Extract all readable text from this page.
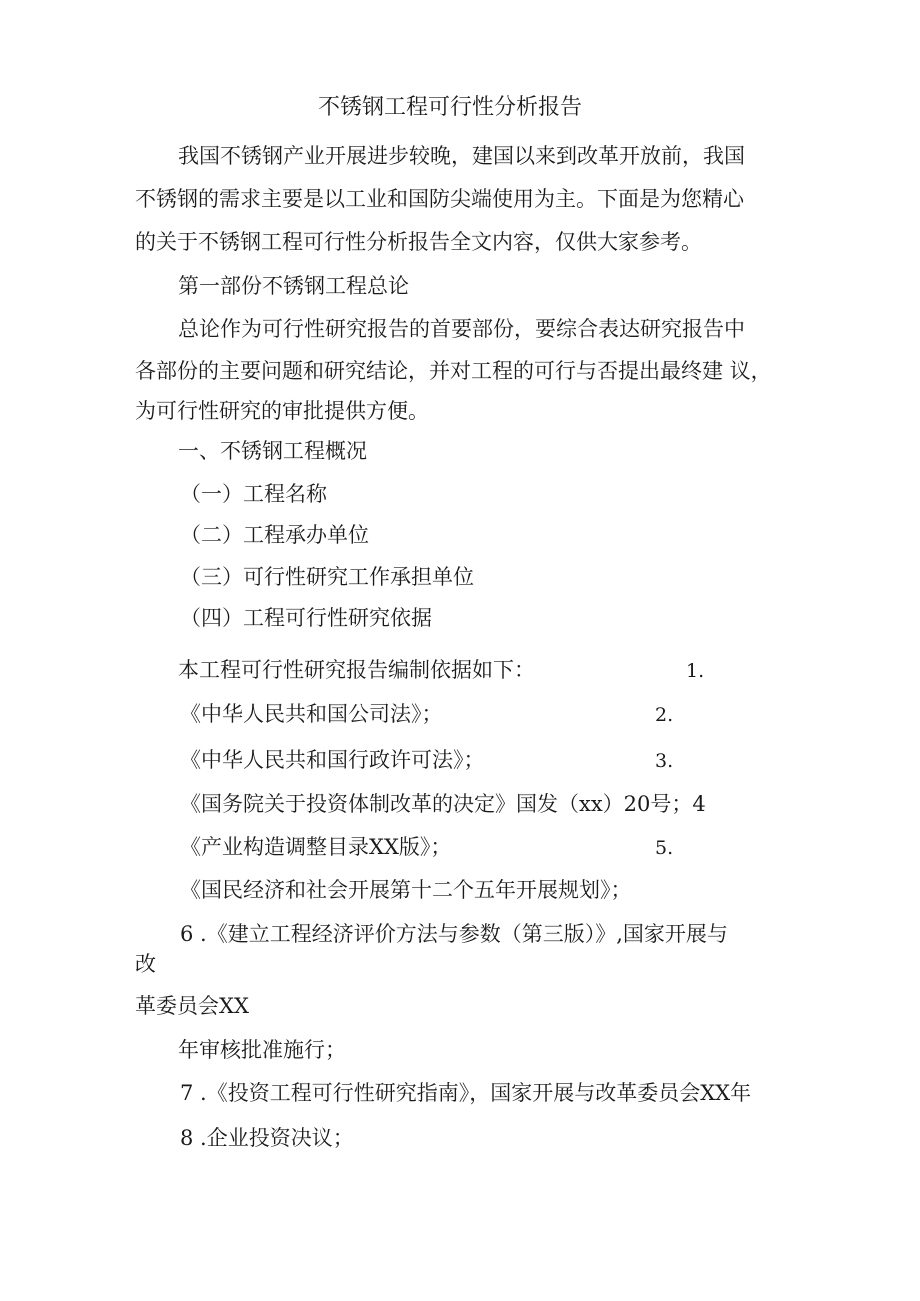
不锈钢工程可行性分析报告
我国不锈钢产业开展进步较晚，建国以来到改革开放前，我国
不锈钢的需求主要是以工业和国防尖端使用为主。下面是为您精心
的关于不锈钢工程可行性分析报告全文内容，仅供大家参考。
第一部份不锈钢工程总论
总论作为可行性研究报告的首要部份，要综合表达研究报告中
各部份的主要问题和研究结论，并对工程的可行与否提出最终建 议，
为可行性研究的审批提供方便。
一、不锈钢工程概况
（一）工程名称
（二）工程承办单位
（三）可行性研究工作承担单位
（四）工程可行性研究依据
本工程可行性研究报告编制依据如下：	1.
《中华人民共和国公司法》；	2.
《中华人民共和国行政许可法》；	3.
《国务院关于投资体制改革的决定》国发（xx）20号；4
《产业构造调整目录XX版》；	5.
《国民经济和社会开展第十二个五年开展规划》；
6 .《建立工程经济评价方法与参数（第三版）》,国家开展与
改
革委员会XX
年审核批准施行；
7 .《投资工程可行性研究指南》，国家开展与改革委员会XX年
8 .企业投资决议；
